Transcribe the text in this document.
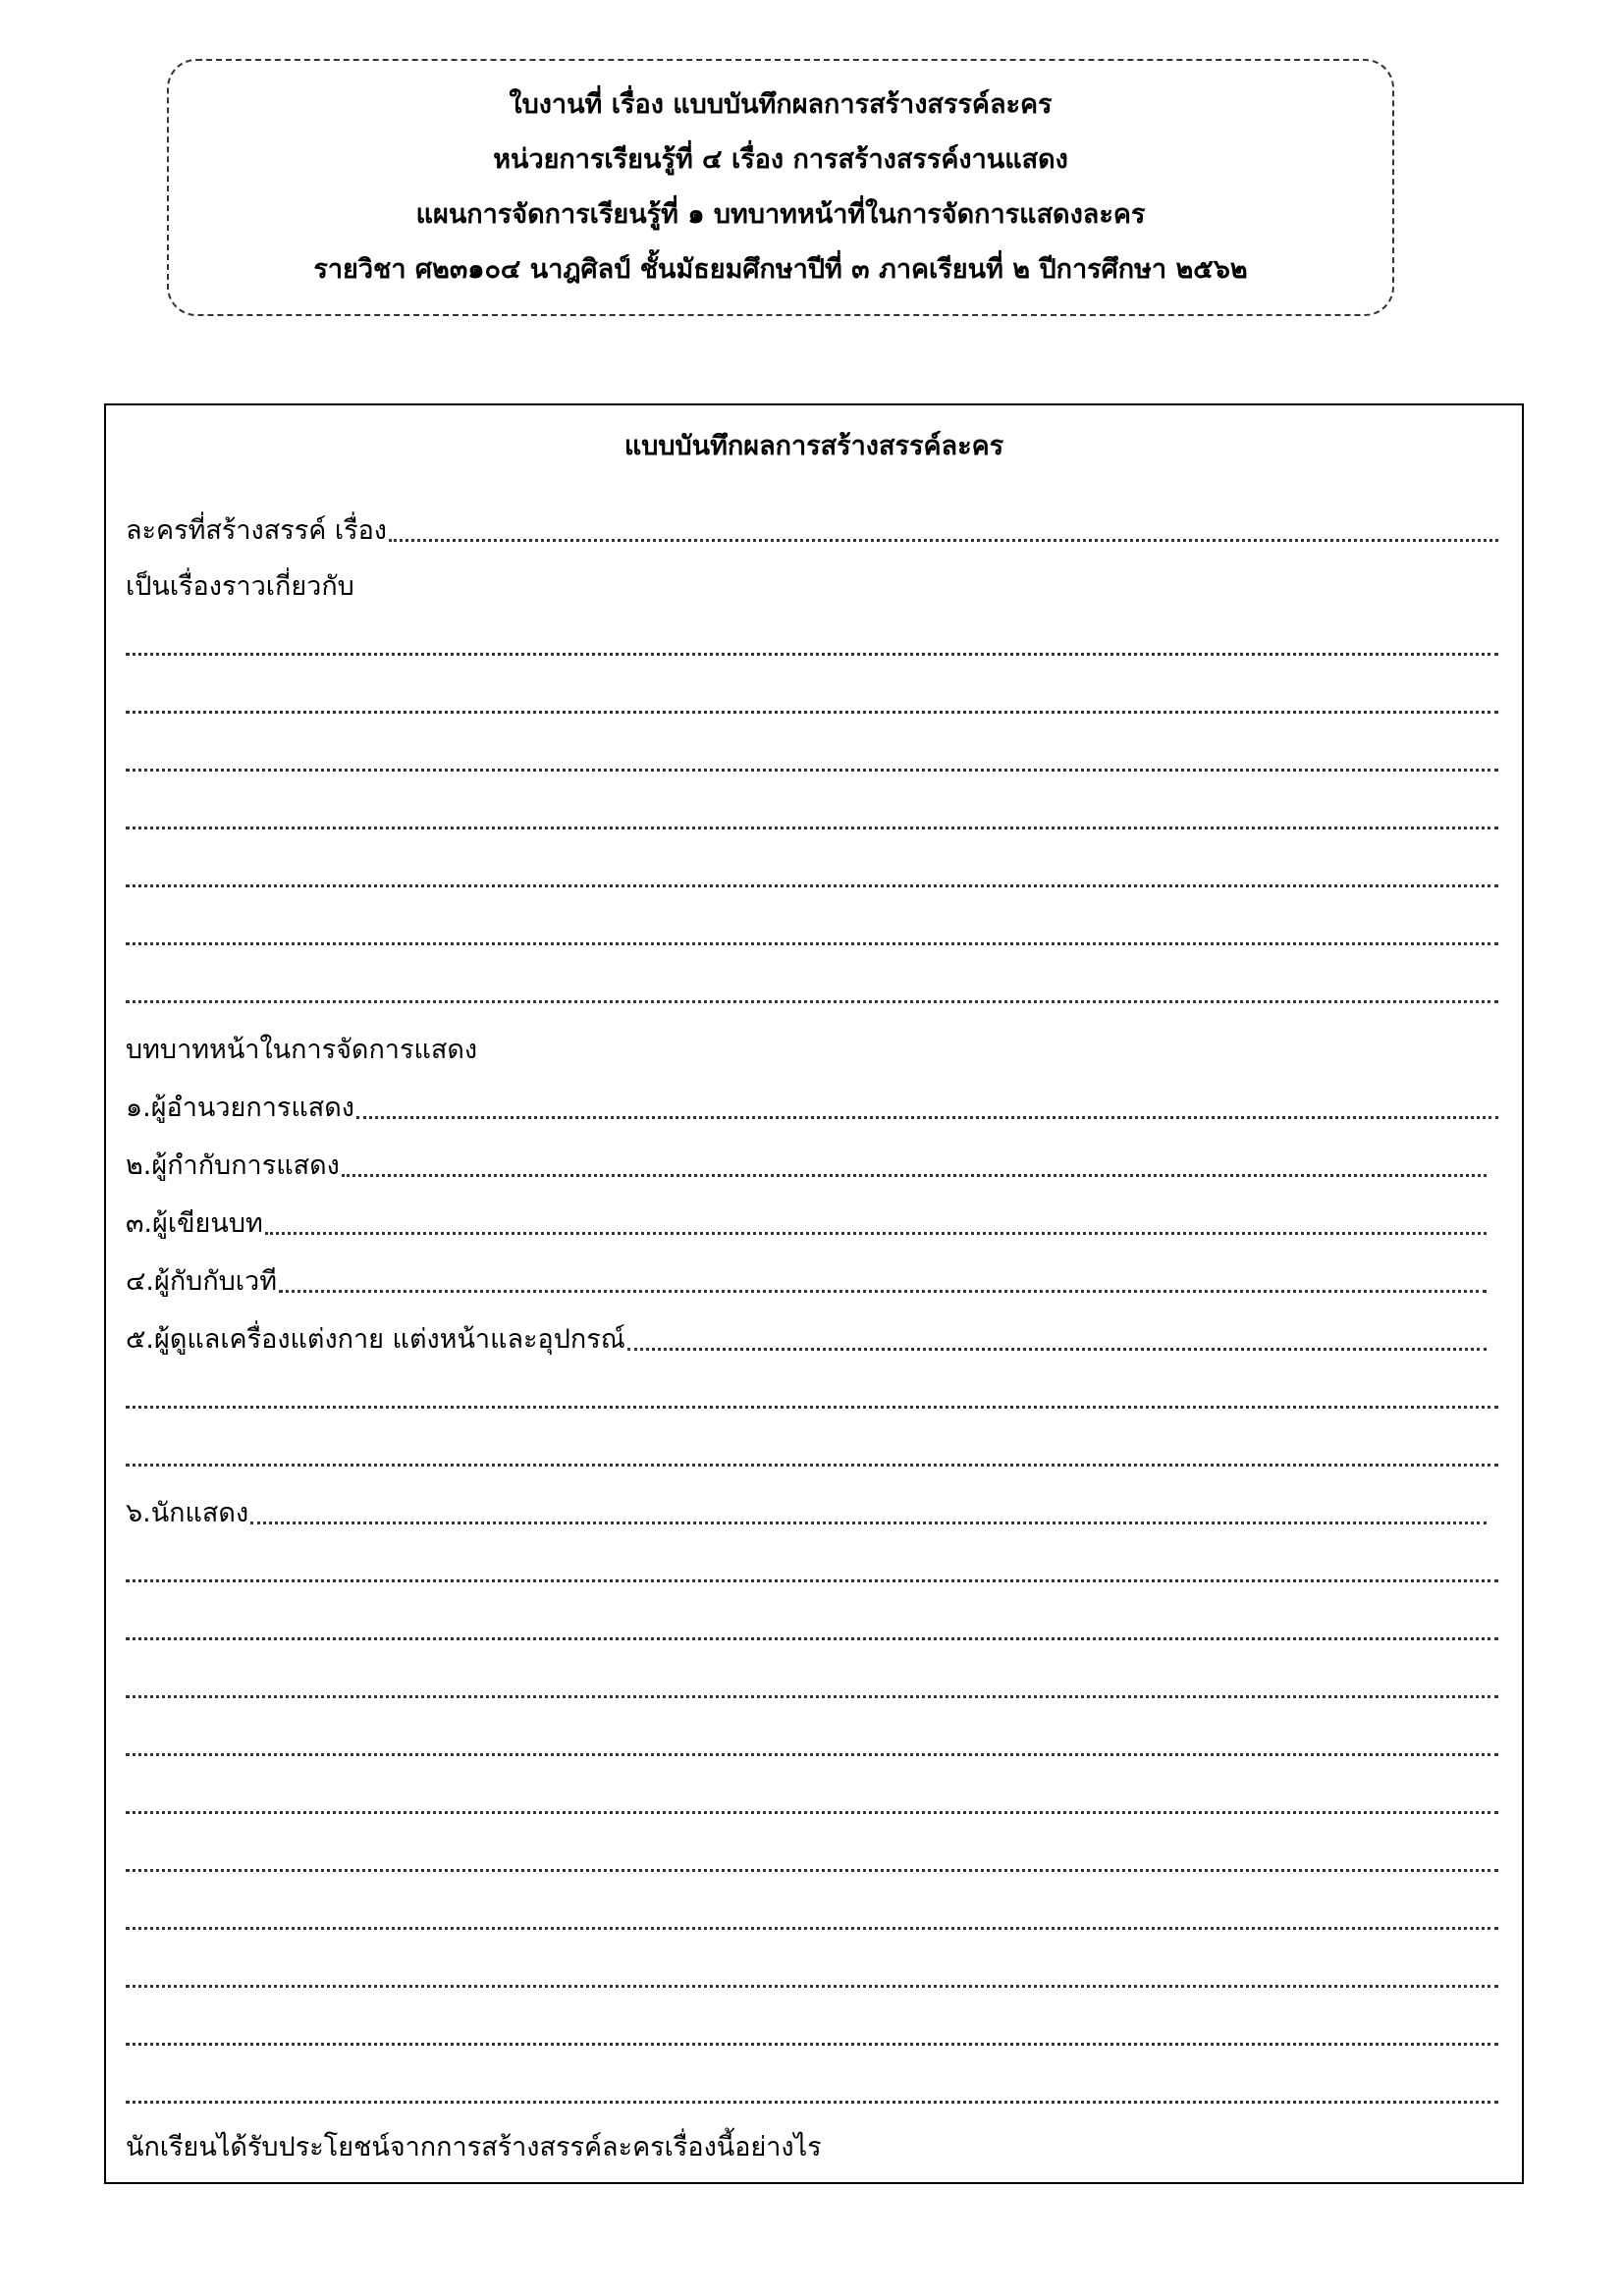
ใบงานที่ เรื่อง แบบบันทึกผลการสร้างสรรค์ละคร
หน่วยการเรียนรู้ที่ ๔ เรื่อง การสร้างสรรค์งานแสดง
แผนการจัดการเรียนรู้ที่ ๑ บทบาทหน้าที่ในการจัดการแสดงละคร
รายวิชา ศ๒๓๑๐๔ นาฎศิลป์ ชั้นมัธยมศึกษาปีที่ ๓ ภาคเรียนที่ ๒ ปีการศึกษา ๒๕๖๒
แบบบันทึกผลการสร้างสรรค์ละคร
ละครที่สร้างสรรค์ เรื่อง
เป็นเรื่องราวเกี่ยวกับ
บทบาทหน้าในการจัดการแสดง
๑.ผู้อำนวยการแสดง
๒.ผู้กำกับการแสดง
๓.ผู้เขียนบท
๔.ผู้กับกับเวที
๕.ผู้ดูแลเครื่องแต่งกาย แต่งหน้าและอุปกรณ์
๖.นักแสดง
นักเรียนได้รับประโยชน์จากการสร้างสรรค์ละครเรื่องนี้อย่างไร
